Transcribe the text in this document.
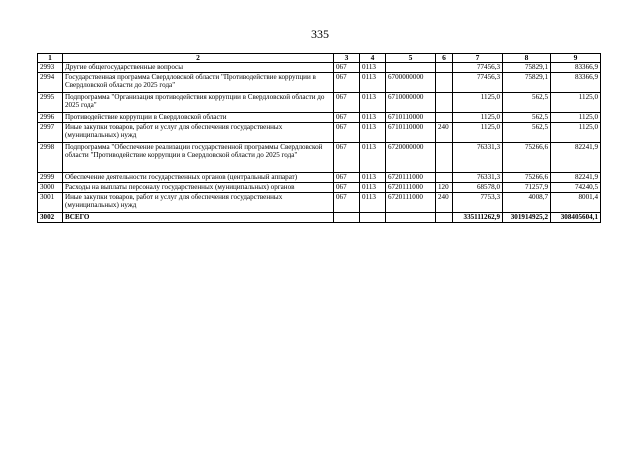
335
1	2	3	4	5	6	7	8	9
2993	Другие общегосударственные вопросы	067	0113			77456,3	75829,1	83366,9
2994	Государственная программа Свердловской области "Противодействие коррупции в Свердловской области до 2025 года"	067	0113	6700000000		77456,3	75829,1	83366,9
2995	Подпрограмма "Организация противодействия коррупции в Свердловской области до 2025 года"	067	0113	6710000000		1125,0	562,5	1125,0
2996	Противодействие коррупции в Свердловской области	067	0113	6710110000		1125,0	562,5	1125,0
2997	Иные закупки товаров, работ и услуг для обеспечения государственных (муниципальных) нужд	067	0113	6710110000	240	1125,0	562,5	1125,0
2998	Подпрограмма "Обеспечение реализации государственной программы Свердловской области "Противодействие коррупции в Свердловской области до 2025 года"	067	0113	6720000000		76331,3	75266,6	82241,9
2999	Обеспечение деятельности государственных органов (центральный аппарат)	067	0113	6720111000		76331,3	75266,6	82241,9
3000	Расходы на выплаты персоналу государственных (муниципальных) органов	067	0113	6720111000	120	68578,0	71257,9	74240,5
3001	Иные закупки товаров, работ и услуг для обеспечения государственных (муниципальных) нужд	067	0113	6720111000	240	7753,3	4008,7	8001,4
3002	ВСЕГО					335111262,9	301914925,2	308405604,1
